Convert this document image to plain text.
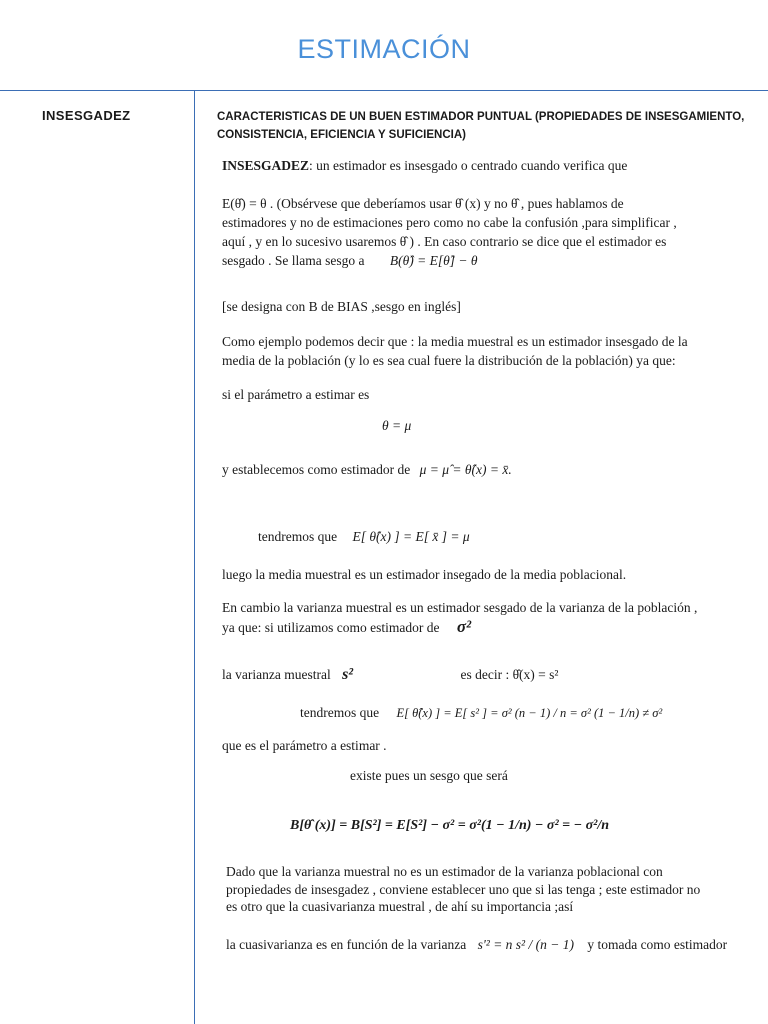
ESTIMACIÓN
INSESGADEZ	CARACTERISTICAS DE UN BUEN ESTIMADOR PUNTUAL (PROPIEDADES DE INSESGAMIENTO, CONSISTENCIA, EFICIENCIA Y SUFICIENCIA)
INSESGADEZ: un estimador es insesgado o centrado cuando verifica que
E(θ̂) = θ . (Obsérvese que deberíamos usar θ̂ (x) y no θ̂ , pues hablamos de
estimadores y no de estimaciones pero como no cabe la confusión ,para simplificar ,
aquí , y en lo sucesivo usaremos θ̂ ) . En caso contrario se dice que el estimador es
sesgado . Se llama sesgo a B(θ̂) = E[θ̂] − θ
[se designa con B de BIAS ,sesgo en inglés]
Como ejemplo podemos decir que : la media muestral es un estimador insesgado de la
media de la población (y lo es sea cual fuere la distribución de la población) ya que:
si el parámetro a estimar es
θ = μ
y establecemos como estimador de μ = μ̂ = θ̂(x) = x̄.
tendremos que E[ θ̂(x) ] = E[ x̄ ] = μ
luego la media muestral es un estimador insegado de la media poblacional.
En cambio la varianza muestral es un estimador sesgado de la varianza de la población ,
ya que: si utilizamos como estimador de σ²
la varianza muestral s²	es decir : θ̂(x) = s²
tendremos que E[ θ̂(x) ] = E[ s² ] = σ² (n − 1) / n = σ² (1 − 1/n) ≠ σ²
que es el parámetro a estimar .
existe pues un sesgo que será
B[θ̂ (x)] = B[S²] = E[S²] − σ² = σ²(1 − 1/n) − σ² = − σ²/n
Dado que la varianza muestral no es un estimador de la varianza poblacional con
propiedades de insesgadez , conviene establecer uno que si las tenga ; este estimador no
es otro que la cuasivarianza muestral , de ahí su importancia ;así
la cuasivarianza es en función de la varianza s'² = n s² / (n − 1) y tomada como estimador
